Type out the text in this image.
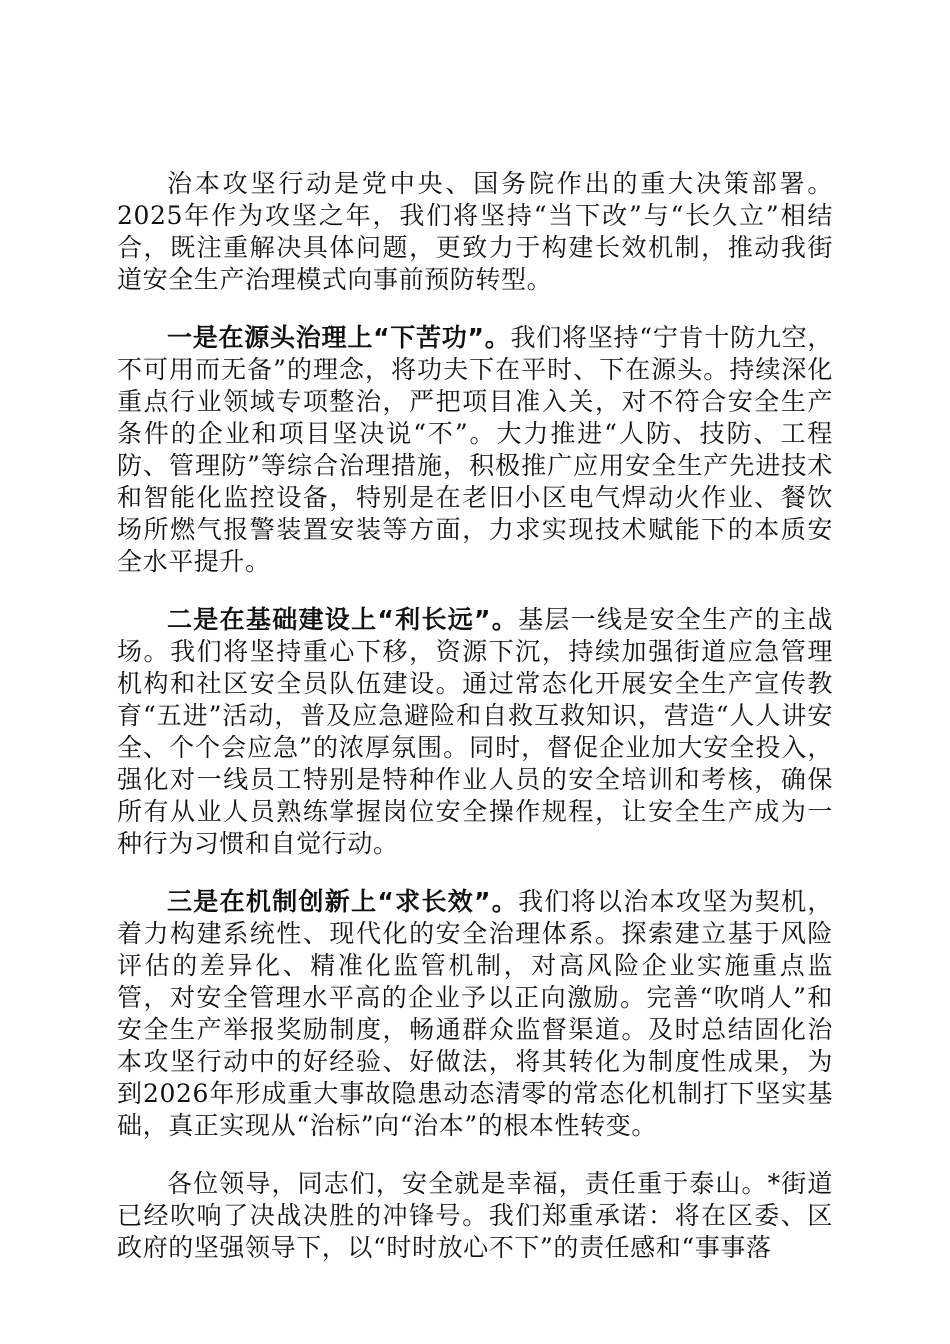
治本攻坚行动是党中央、国务院作出的重大决策部署。2025年作为攻坚之年，我们将坚持“当下改”与“长久立”相结合，既注重解决具体问题，更致力于构建长效机制，推动我街道安全生产治理模式向事前预防转型。

一是在源头治理上“下苦功”。我们将坚持“宁肯十防九空，不可用而无备”的理念，将功夫下在平时、下在源头。持续深化重点行业领域专项整治，严把项目准入关，对不符合安全生产条件的企业和项目坚决说“不”。大力推进“人防、技防、工程防、管理防”等综合治理措施，积极推广应用安全生产先进技术和智能化监控设备，特别是在老旧小区电气焊动火作业、餐饮场所燃气报警装置安装等方面，力求实现技术赋能下的本质安全水平提升。

二是在基础建设上“利长远”。基层一线是安全生产的主战场。我们将坚持重心下移，资源下沉，持续加强街道应急管理机构和社区安全员队伍建设。通过常态化开展安全生产宣传教育“五进”活动，普及应急避险和自救互救知识，营造“人人讲安全、个个会应急”的浓厚氛围。同时，督促企业加大安全投入，强化对一线员工特别是特种作业人员的安全培训和考核，确保所有从业人员熟练掌握岗位安全操作规程，让安全生产成为一种行为习惯和自觉行动。

三是在机制创新上“求长效”。我们将以治本攻坚为契机，着力构建系统性、现代化的安全治理体系。探索建立基于风险评估的差异化、精准化监管机制，对高风险企业实施重点监管，对安全管理水平高的企业予以正向激励。完善“吹哨人”和安全生产举报奖励制度，畅通群众监督渠道。及时总结固化治本攻坚行动中的好经验、好做法，将其转化为制度性成果，为到2026年形成重大事故隐患动态清零的常态化机制打下坚实基础，真正实现从“治标”向“治本”的根本性转变。

各位领导，同志们，安全就是幸福，责任重于泰山。*街道已经吹响了决战决胜的冲锋号。我们郑重承诺：将在区委、区政府的坚强领导下，以“时时放心不下”的责任感和“事事落
